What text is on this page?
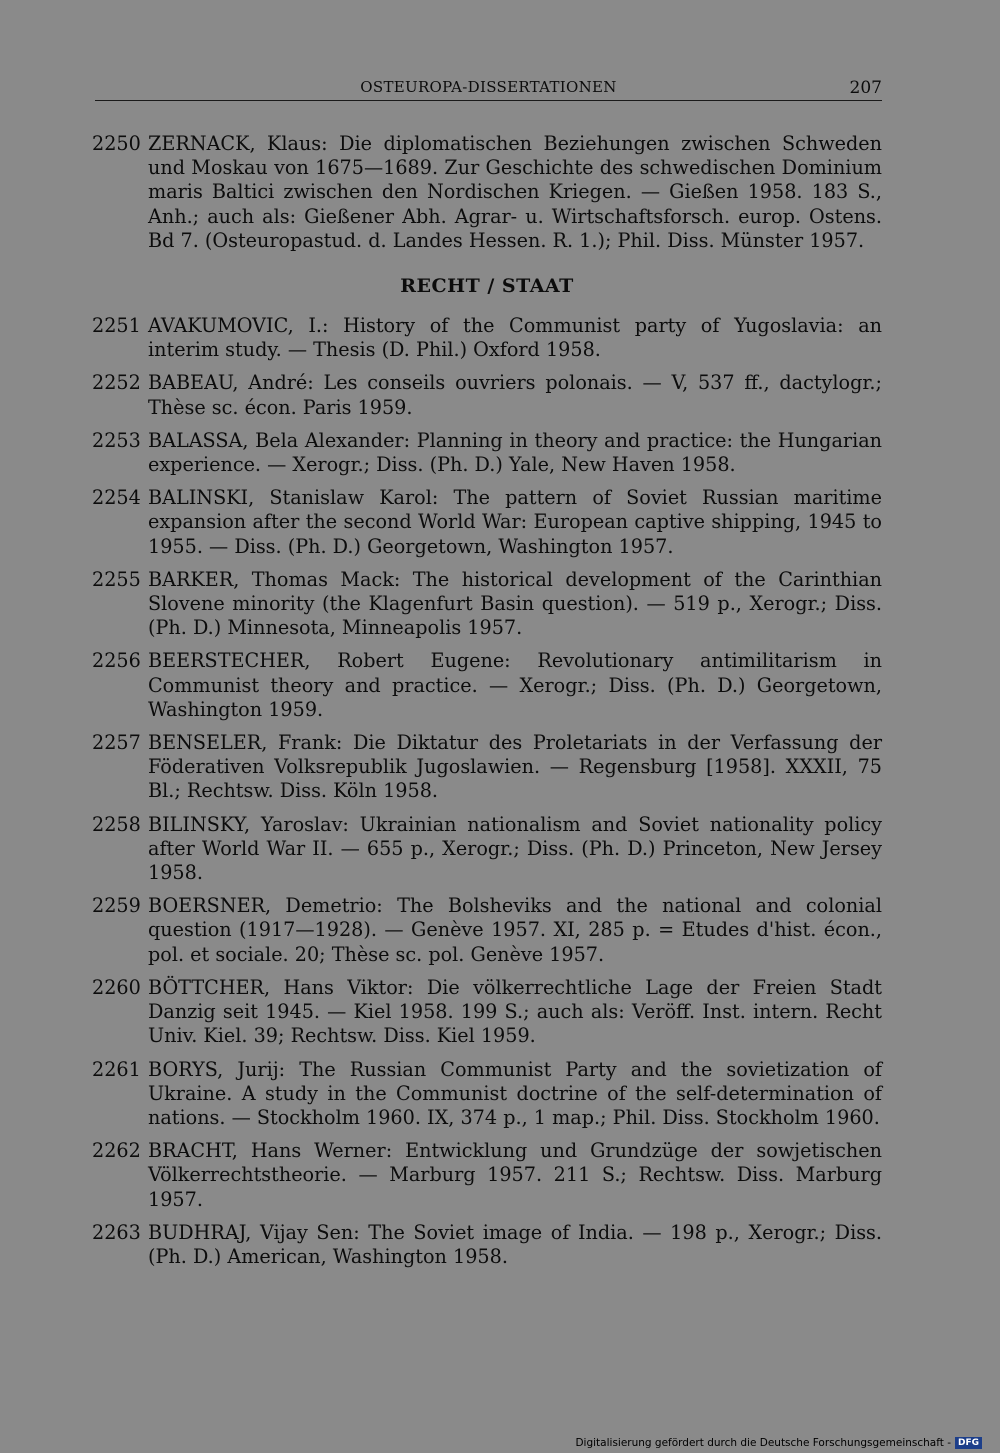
OSTEUROPA-DISSERTATIONEN	207
2250 ZERNACK, Klaus: Die diplomatischen Beziehungen zwischen Schweden und Moskau von 1675—1689. Zur Geschichte des schwedischen Dominium maris Baltici zwischen den Nordischen Kriegen. — Gießen 1958. 183 S., Anh.; auch als: Gießener Abh. Agrar- u. Wirtschaftsforsch. europ. Ostens. Bd 7. (Osteuropastud. d. Landes Hessen. R. 1.); Phil. Diss. Münster 1957.
RECHT / STAAT
2251 AVAKUMOVIC, I.: History of the Communist party of Yugoslavia: an interim study. — Thesis (D. Phil.) Oxford 1958.
2252 BABEAU, André: Les conseils ouvriers polonais. — V, 537 ff., dactylogr.; Thèse sc. écon. Paris 1959.
2253 BALASSA, Bela Alexander: Planning in theory and practice: the Hungarian experience. — Xerogr.; Diss. (Ph. D.) Yale, New Haven 1958.
2254 BALINSKI, Stanislaw Karol: The pattern of Soviet Russian maritime expansion after the second World War: European captive shipping, 1945 to 1955. — Diss. (Ph. D.) Georgetown, Washington 1957.
2255 BARKER, Thomas Mack: The historical development of the Carinthian Slovene minority (the Klagenfurt Basin question). — 519 p., Xerogr.; Diss. (Ph. D.) Minnesota, Minneapolis 1957.
2256 BEERSTECHER, Robert Eugene: Revolutionary antimilitarism in Communist theory and practice. — Xerogr.; Diss. (Ph. D.) Georgetown, Washington 1959.
2257 BENSELER, Frank: Die Diktatur des Proletariats in der Verfassung der Föderativen Volksrepublik Jugoslawien. — Regensburg [1958]. XXXII, 75 Bl.; Rechtsw. Diss. Köln 1958.
2258 BILINSKY, Yaroslav: Ukrainian nationalism and Soviet nationality policy after World War II. — 655 p., Xerogr.; Diss. (Ph. D.) Princeton, New Jersey 1958.
2259 BOERSNER, Demetrio: The Bolsheviks and the national and colonial question (1917—1928). — Genève 1957. XI, 285 p. = Etudes d'hist. écon., pol. et sociale. 20; Thèse sc. pol. Genève 1957.
2260 BÖTTCHER, Hans Viktor: Die völkerrechtliche Lage der Freien Stadt Danzig seit 1945. — Kiel 1958. 199 S.; auch als: Veröff. Inst. intern. Recht Univ. Kiel. 39; Rechtsw. Diss. Kiel 1959.
2261 BORYS, Jurij: The Russian Communist Party and the sovietization of Ukraine. A study in the Communist doctrine of the self-determination of nations. — Stockholm 1960. IX, 374 p., 1 map.; Phil. Diss. Stockholm 1960.
2262 BRACHT, Hans Werner: Entwicklung und Grundzüge der sowjetischen Völkerrechtstheorie. — Marburg 1957. 211 S.; Rechtsw. Diss. Marburg 1957.
2263 BUDHRAJ, Vijay Sen: The Soviet image of India. — 198 p., Xerogr.; Diss. (Ph. D.) American, Washington 1958.
Digitalisierung gefördert durch die Deutsche Forschungsgemeinschaft - DFG
